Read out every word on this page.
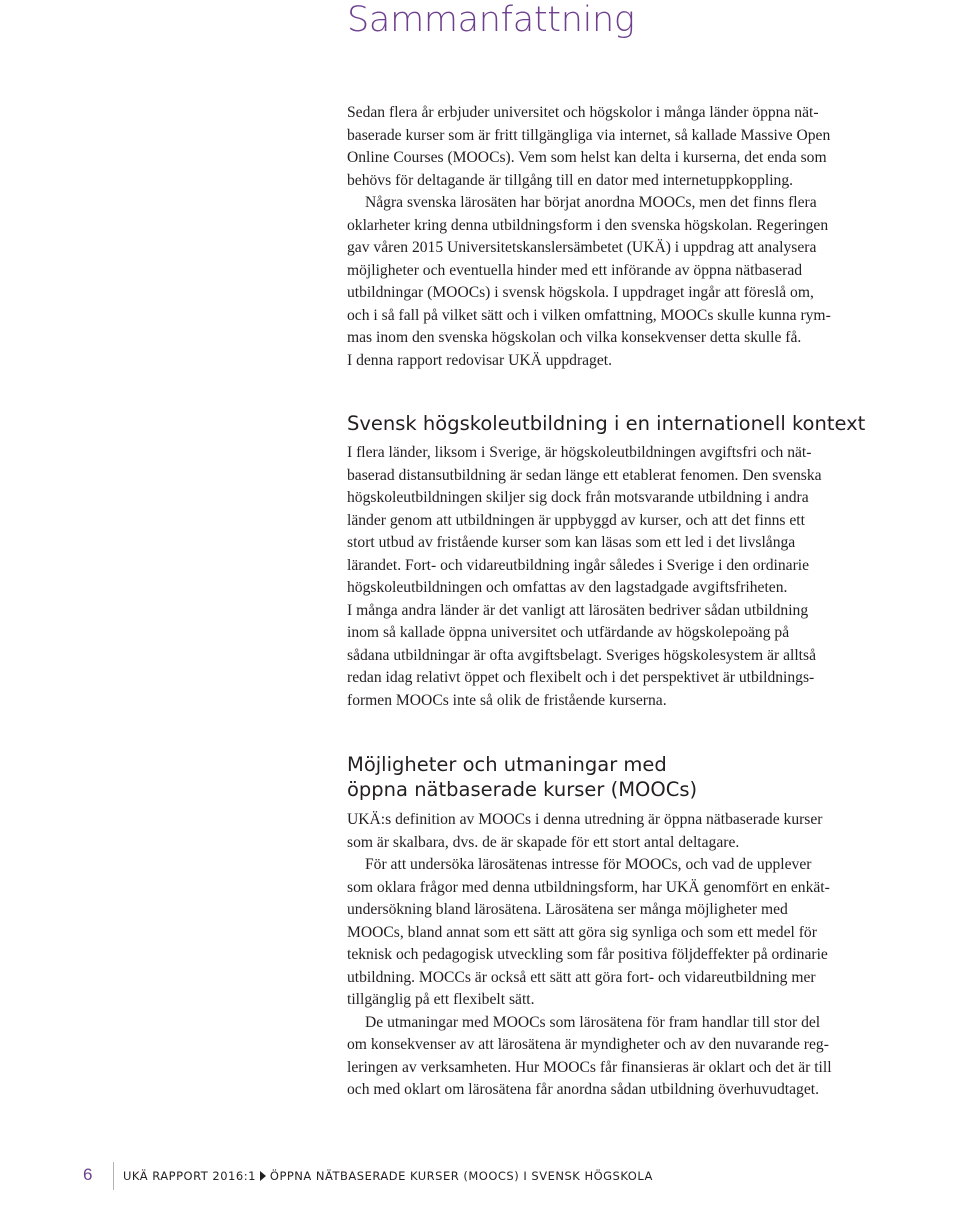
Sammanfattning
Sedan flera år erbjuder universitet och högskolor i många länder öppna nät-
baserade kurser som är fritt tillgängliga via internet, så kallade Massive Open
Online Courses (MOOCs). Vem som helst kan delta i kurserna, det enda som
behövs för deltagande är tillgång till en dator med internetuppkoppling.
Några svenska lärosäten har börjat anordna MOOCs, men det finns flera
oklarheter kring denna utbildningsform i den svenska högskolan. Regeringen
gav våren 2015 Universitetskanslersämbetet (UKÄ) i uppdrag att analysera
möjligheter och eventuella hinder med ett införande av öppna nätbaserad
utbildningar (MOOCs) i svensk högskola. I uppdraget ingår att föreslå om,
och i så fall på vilket sätt och i vilken omfattning, MOOCs skulle kunna rym-
mas inom den svenska högskolan och vilka konsekvenser detta skulle få.
I denna rapport redovisar UKÄ uppdraget.
Svensk högskoleutbildning i en internationell kontext
I flera länder, liksom i Sverige, är högskoleutbildningen avgiftsfri och nät-
baserad distansutbildning är sedan länge ett etablerat fenomen. Den svenska
högskoleutbildningen skiljer sig dock från motsvarande utbildning i andra
länder genom att utbildningen är uppbyggd av kurser, och att det finns ett
stort utbud av fristående kurser som kan läsas som ett led i det livslånga
lärandet. Fort- och vidareutbildning ingår således i Sverige i den ordinarie
högskoleutbildningen och omfattas av den lagstadgade avgiftsfriheten.
I många andra länder är det vanligt att lärosäten bedriver sådan utbildning
inom så kallade öppna universitet och utfärdande av högskolepoäng på
sådana utbildningar är ofta avgiftsbelagt. Sveriges högskolesystem är alltså
redan idag relativt öppet och flexibelt och i det perspektivet är utbildnings-
formen MOOCs inte så olik de fristående kurserna.
Möjligheter och utmaningar med
öppna nätbaserade kurser (MOOCs)
UKÄ:s definition av MOOCs i denna utredning är öppna nätbaserade kurser
som är skalbara, dvs. de är skapade för ett stort antal deltagare.
För att undersöka lärosätenas intresse för MOOCs, och vad de upplever
som oklara frågor med denna utbildningsform, har UKÄ genomfört en enkät-
undersökning bland lärosätena. Lärosätena ser många möjligheter med
MOOCs, bland annat som ett sätt att göra sig synliga och som ett medel för
teknisk och pedagogisk utveckling som får positiva följdeffekter på ordinarie
utbildning. MOCCs är också ett sätt att göra fort- och vidareutbildning mer
tillgänglig på ett flexibelt sätt.
De utmaningar med MOOCs som lärosätena för fram handlar till stor del
om konsekvenser av att lärosätena är myndigheter och av den nuvarande reg-
leringen av verksamheten. Hur MOOCs får finansieras är oklart och det är till
och med oklart om lärosätena får anordna sådan utbildning överhuvudtaget.
6	UKÄ RAPPORT 2016:1 ÖPPNA NÄTBASERADE KURSER (MOOCS) I SVENSK HÖGSKOLA
